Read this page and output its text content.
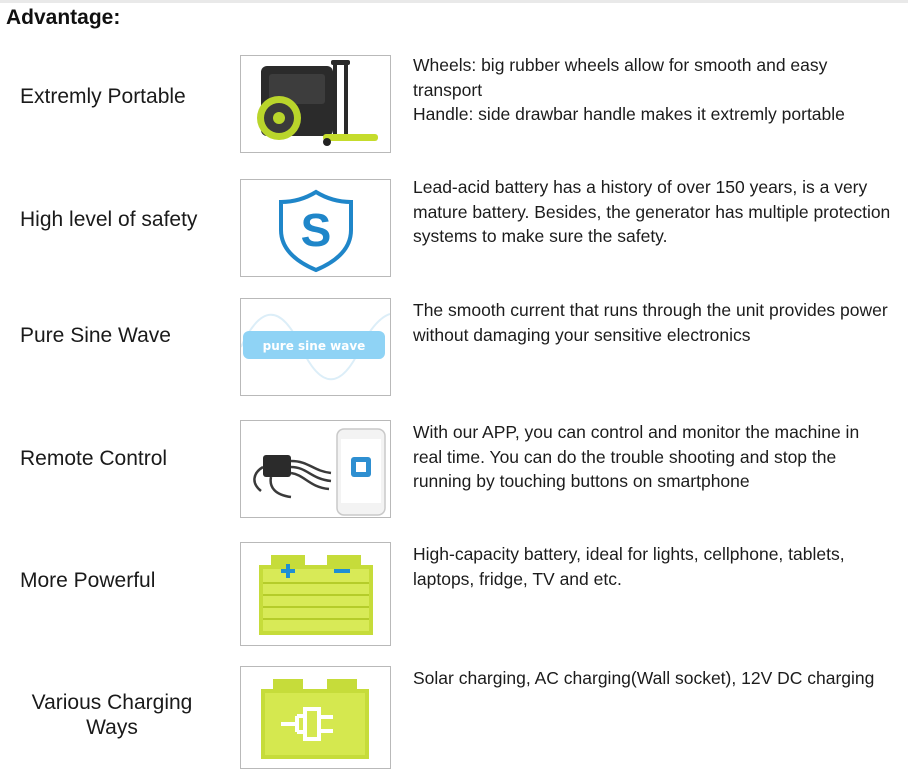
Advantage:
Extremly Portable
Wheels: big rubber wheels allow for smooth and easy transport
Handle: side drawbar handle makes it extremly portable
High level of safety S
Lead-acid battery has a history of over 150 years, is a very mature battery. Besides, the generator has multiple protection systems to make sure the safety.
Pure Sine Wave	pure sine wave
The smooth current that runs through the unit provides power without damaging your sensitive electronics
Remote Control
With our APP, you can control and monitor the machine in real time. You can do the trouble shooting and stop the running by touching buttons on smartphone
More Powerful
High-capacity battery, ideal for lights, cellphone, tablets, laptops, fridge, TV and etc.
Various Charging Ways
Solar charging, AC charging(Wall socket), 12V DC charging
